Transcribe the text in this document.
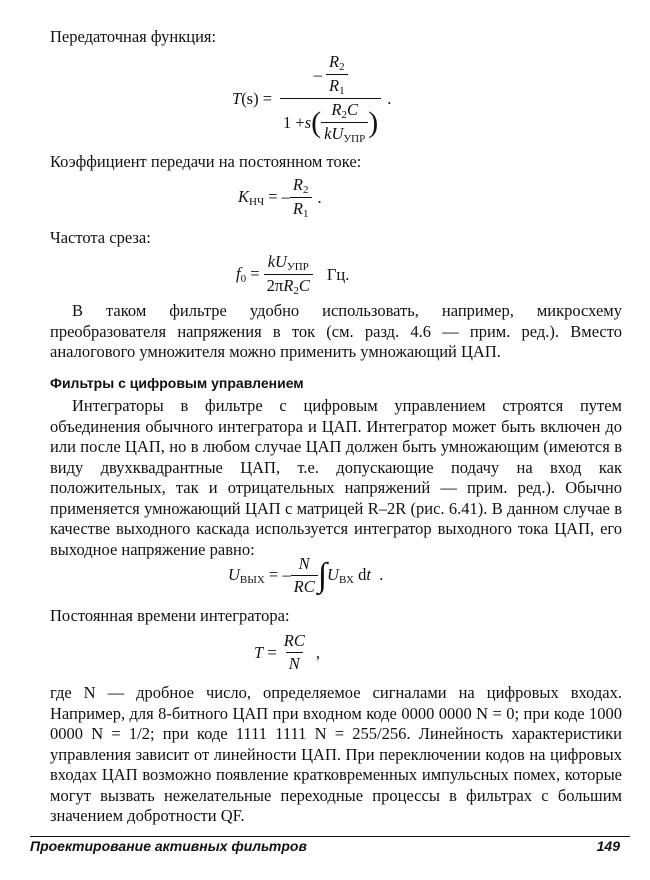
Передаточная функция:
$T(s) = \frac{- \frac{R_2}{R_1}}{1 + s ( \frac{R_2C}{kU_{УПР}} )}$ .
Коэффициент передачи на постоянном токе:
$K_{НЧ}$ = – $\frac{R_2}{R_1}$ .
Частота среза:
$f_0 = \frac{kU_{УПР}}{2\pi R_2C}$ Гц.
В таком фильтре удобно использовать, например, микросхему преобразователя напряжения в ток (см. разд. 4.6 — прим. ред.). Вместо аналогового умножителя можно применить умножающий ЦАП.
Фильтры с цифровым управлением
Интеграторы в фильтре с цифровым управлением строятся путем объединения обычного интегратора и ЦАП. Интегратор может быть включен до или после ЦАП, но в любом случае ЦАП должен быть умножающим (имеются в виду двухквадрантные ЦАП, т.е. допускающие подачу на вход как положительных, так и отрицательных напряжений — прим. ред.). Обычно применяется умножающий ЦАП с матрицей R–2R (рис. 6.41). В данном случае в качестве выходного каскада используется интегратор выходного тока ЦАП, его выходное напряжение равно:
$U_{ВЫХ}$ = – $\frac{N}{RC}$ ∫ $U_{ВХ}$ dt  .
Постоянная времени интегратора:
$T = \frac{RC}{N}$ ,
где N — дробное число, определяемое сигналами на цифровых входах. Например, для 8-битного ЦАП при входном коде 0000 0000 N = 0; при коде 1000 0000 N = 1/2; при коде 1111 1111 N = 255/256. Линейность характеристики управления зависит от линейности ЦАП. При переключении кодов на цифровых входах ЦАП возможно появление кратковременных импульсных помех, которые могут вызвать нежелательные переходные процессы в фильтрах с большим значением добротности QF.
Проектирование активных фильтров	149
